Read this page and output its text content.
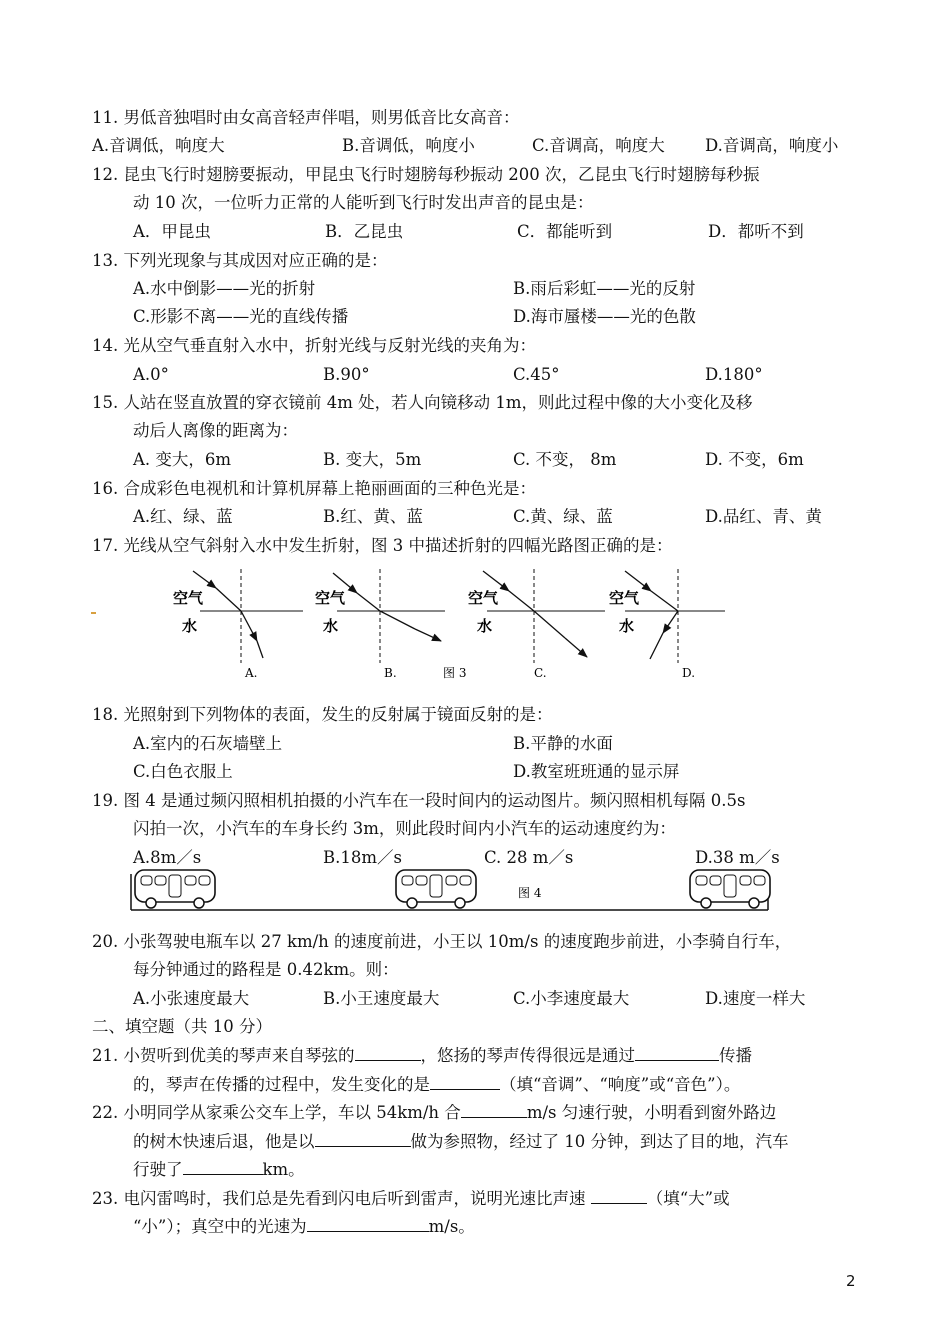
11. 男低音独唱时由女高音轻声伴唱，则男低音比女高音：
A.音调低，响度大	B.音调低，响度小	C.音调高，响度大 D.音调高，响度小
12. 昆虫飞行时翅膀要振动，甲昆虫飞行时翅膀每秒振动 200 次，乙昆虫飞行时翅膀每秒振
动 10 次，一位听力正常的人能听到飞行时发出声音的昆虫是：
A．甲昆虫	B．乙昆虫	C．都能听到	D．都听不到
13. 下列光现象与其成因对应正确的是：
A.水中倒影——光的折射	B.雨后彩虹——光的反射
C.形影不离——光的直线传播	D.海市蜃楼——光的色散
14. 光从空气垂直射入水中，折射光线与反射光线的夹角为：
A.0°	B.90°	C.45°	D.180°
15. 人站在竖直放置的穿衣镜前 4m 处，若人向镜移动 1m，则此过程中像的大小变化及移
动后人离像的距离为：
A. 变大，6m	B. 变大，5m	C. 不变， 8m	D. 不变，6m
16. 合成彩色电视机和计算机屏幕上艳丽画面的三种色光是：
A.红、绿、蓝	B.红、黄、蓝	C.黄、绿、蓝	D.品红、青、黄
17. 光线从空气斜射入水中发生折射，图 3 中描述折射的四幅光路图正确的是：
空气
水
A.
空气
水
B.	图 3
空气
水
C.
空气
水
D.
18. 光照射到下列物体的表面，发生的反射属于镜面反射的是：
A.室内的石灰墙壁上	B.平静的水面
C.白色衣服上	D.教室班班通的显示屏
19. 图 4 是通过频闪照相机拍摄的小汽车在一段时间内的运动图片。频闪照相机每隔 0.5s
闪拍一次，小汽车的车身长约 3m，则此段时间内小汽车的运动速度约为：
A.8m／s	B.18m／s	C. 28 m／s	D.38 m／s
图 4
20. 小张驾驶电瓶车以 27 km/h 的速度前进，小王以 10m/s 的速度跑步前进，小李骑自行车，
每分钟通过的路程是 0.42km。则：
A.小张速度最大	B.小王速度最大	C.小李速度最大	D.速度一样大
二、填空题（共 10 分）
21. 小贺听到优美的琴声来自琴弦的	，悠扬的琴声传得很远是通过	传播
的，琴声在传播的过程中，发生变化的是	（填“音调”、“响度”或“音色”）。
22. 小明同学从家乘公交车上学，车以 54km/h 合	m/s 匀速行驶，小明看到窗外路边
的树木快速后退，他是以	做为参照物，经过了 10 分钟，到达了目的地，汽车
行驶了	km。
23. 电闪雷鸣时，我们总是先看到闪电后听到雷声，说明光速比声速	（填“大”或
“小”）；真空中的光速为	m/s。
2
